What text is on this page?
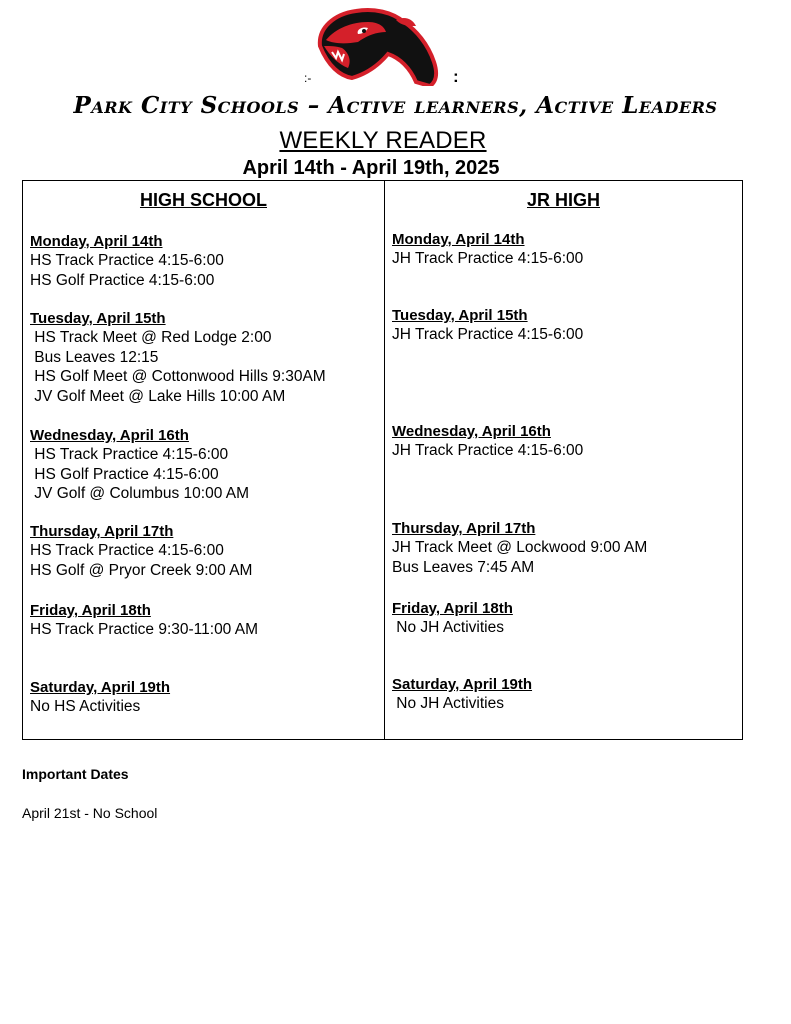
:-	:
Park City Schools – Active learners, Active Leaders
WEEKLY READER
April 14th - April 19th, 2025
HIGH SCHOOL
Monday, April 14th
HS Track Practice 4:15-6:00
HS Golf Practice 4:15-6:00
Tuesday, April 15th
HS Track Meet @ Red Lodge 2:00
Bus Leaves 12:15
HS Golf Meet @ Cottonwood Hills 9:30AM
JV Golf Meet @ Lake Hills 10:00 AM
Wednesday, April 16th
HS Track Practice 4:15-6:00
HS Golf Practice 4:15-6:00
JV Golf @ Columbus 10:00 AM
Thursday, April 17th
HS Track Practice 4:15-6:00
HS Golf @ Pryor Creek 9:00 AM
Friday, April 18th
HS Track Practice 9:30-11:00 AM
Saturday, April 19th
No HS Activities
JR HIGH
Monday, April 14th
JH Track Practice 4:15-6:00
Tuesday, April 15th
JH Track Practice 4:15-6:00
Wednesday, April 16th
JH Track Practice 4:15-6:00
Thursday, April 17th
JH Track Meet @ Lockwood 9:00 AM
Bus Leaves 7:45 AM
Friday, April 18th
No JH Activities
Saturday, April 19th
No JH Activities
Important Dates
April 21st - No School
